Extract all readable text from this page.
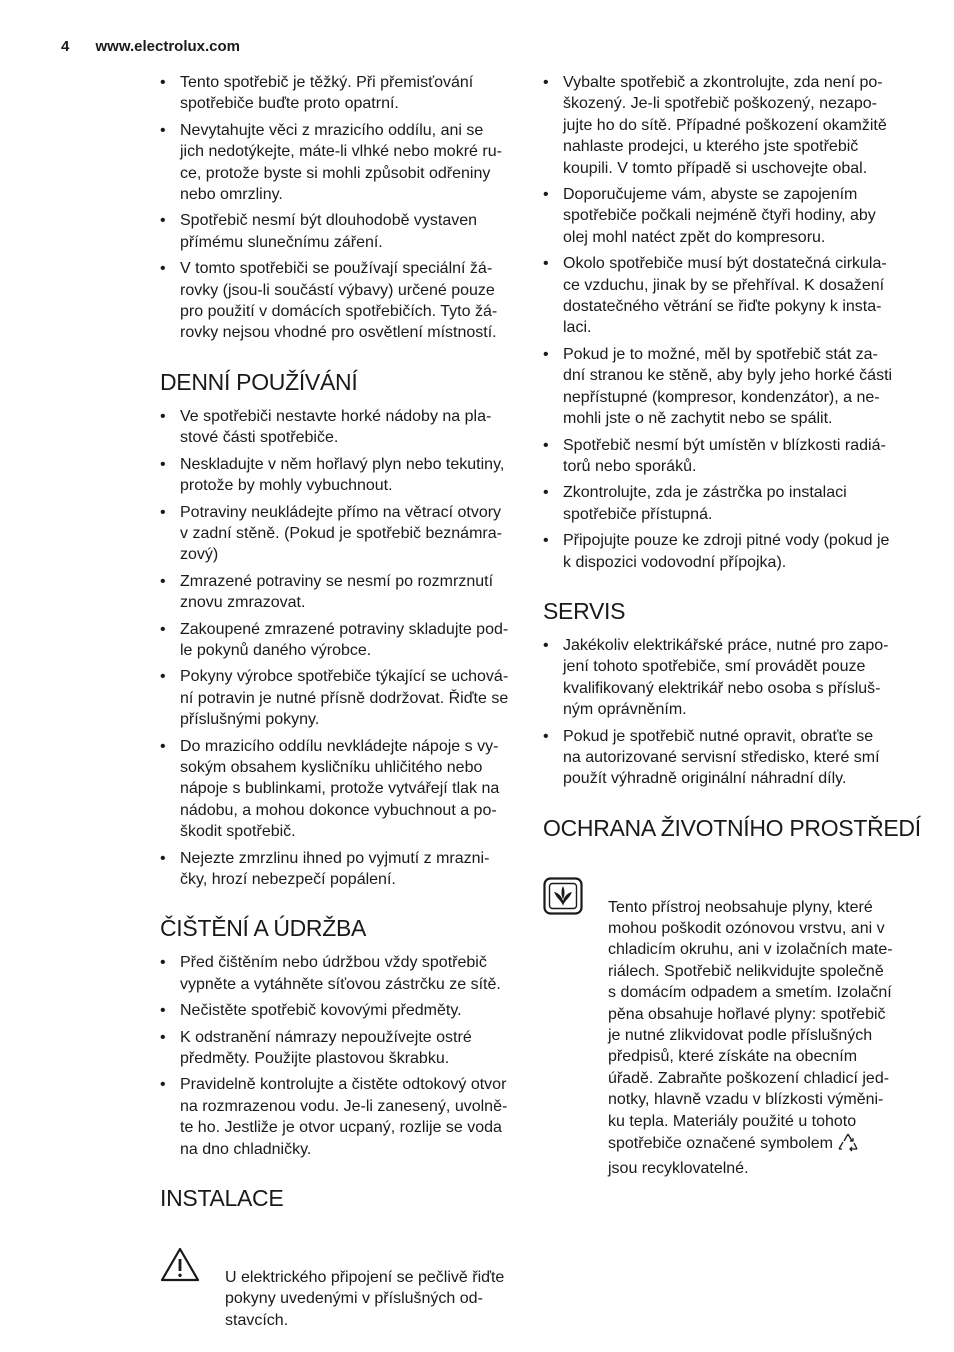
4 www.electrolux.com
• Tento spotřebič je těžký. Při přemisťování
spotřebiče buďte proto opatrní.
• Nevytahujte věci z mrazicího oddílu, ani se
jich nedotýkejte, máte-li vlhké nebo mokré ru-
ce, protože byste si mohli způsobit odřeniny
nebo omrzliny.
• Spotřebič nesmí být dlouhodobě vystaven
přímému slunečnímu záření.
• V tomto spotřebiči se používají speciální žá-
rovky (jsou-li součástí výbavy) určené pouze
pro použití v domácích spotřebičích. Tyto žá-
rovky nejsou vhodné pro osvětlení místností.
DENNÍ POUŽÍVÁNÍ
• Ve spotřebiči nestavte horké nádoby na pla-
stové části spotřebiče.
• Neskladujte v něm hořlavý plyn nebo tekutiny,
protože by mohly vybuchnout.
• Potraviny neukládejte přímo na větrací otvory
v zadní stěně. (Pokud je spotřebič beznámra-
zový)
• Zmrazené potraviny se nesmí po rozmrznutí
znovu zmrazovat.
• Zakoupené zmrazené potraviny skladujte pod-
le pokynů daného výrobce.
• Pokyny výrobce spotřebiče týkající se uchová-
ní potravin je nutné přísně dodržovat. Řiďte se
příslušnými pokyny.
• Do mrazicího oddílu nevkládejte nápoje s vy-
sokým obsahem kysličníku uhličitého nebo
nápoje s bublinkami, protože vytvářejí tlak na
nádobu, a mohou dokonce vybuchnout a po-
škodit spotřebič.
• Nejezte zmrzlinu ihned po vyjmutí z mrazni-
čky, hrozí nebezpečí popálení.
ČIŠTĚNÍ A ÚDRŽBA
• Před čištěním nebo údržbou vždy spotřebič
vypněte a vytáhněte síťovou zástrčku ze sítě.
• Nečistěte spotřebič kovovými předměty.
• K odstranění námrazy nepoužívejte ostré
předměty. Použijte plastovou škrabku.
• Pravidelně kontrolujte a čistěte odtokový otvor
na rozmrazenou vodu. Je-li zanesený, uvolně-
te ho. Jestliže je otvor ucpaný, rozlije se voda
na dno chladničky.
INSTALACE

U elektrického připojení se pečlivě řiďte
pokyny uvedenými v příslušných od-
stavcích.

• Vybalte spotřebič a zkontrolujte, zda není po-
škozený. Je-li spotřebič poškozený, nezapo-
jujte ho do sítě. Případné poškození okamžitě
nahlaste prodejci, u kterého jste spotřebič
koupili. V tomto případě si uschovejte obal.
• Doporučujeme vám, abyste se zapojením
spotřebiče počkali nejméně čtyři hodiny, aby
olej mohl natéct zpět do kompresoru.
• Okolo spotřebiče musí být dostatečná cirkula-
ce vzduchu, jinak by se přehříval. K dosažení
dostatečného větrání se řiďte pokyny k insta-
laci.
• Pokud je to možné, měl by spotřebič stát za-
dní stranou ke stěně, aby byly jeho horké části
nepřístupné (kompresor, kondenzátor), a ne-
mohli jste o ně zachytit nebo se spálit.
• Spotřebič nesmí být umístěn v blízkosti radiá-
torů nebo sporáků.
• Zkontrolujte, zda je zástrčka po instalaci
spotřebiče přístupná.
• Připojujte pouze ke zdroji pitné vody (pokud je
k dispozici vodovodní přípojka).
SERVIS
• Jakékoliv elektrikářské práce, nutné pro zapo-
jení tohoto spotřebiče, smí provádět pouze
kvalifikovaný elektrikář nebo osoba s přísluš-
ným oprávněním.
• Pokud je spotřebič nutné opravit, obraťte se
na autorizované servisní středisko, které smí
použít výhradně originální náhradní díly.
OCHRANA ŽIVOTNÍHO PROSTŘEDÍ

Tento přístroj neobsahuje plyny, které
mohou poškodit ozónovou vrstvu, ani v
chladicím okruhu, ani v izolačních mate-
riálech. Spotřebič nelikvidujte společně
s domácím odpadem a smetím. Izolační
pěna obsahuje hořlavé plyny: spotřebič
je nutné zlikvidovat podle příslušných
předpisů, které získáte na obecním
úřadě. Zabraňte poškození chladicí jed-
notky, hlavně vzadu v blízkosti výměni-
ku tepla. Materiály použité u tohoto
spotřebiče označené symbolem

jsou recyklovatelné.
